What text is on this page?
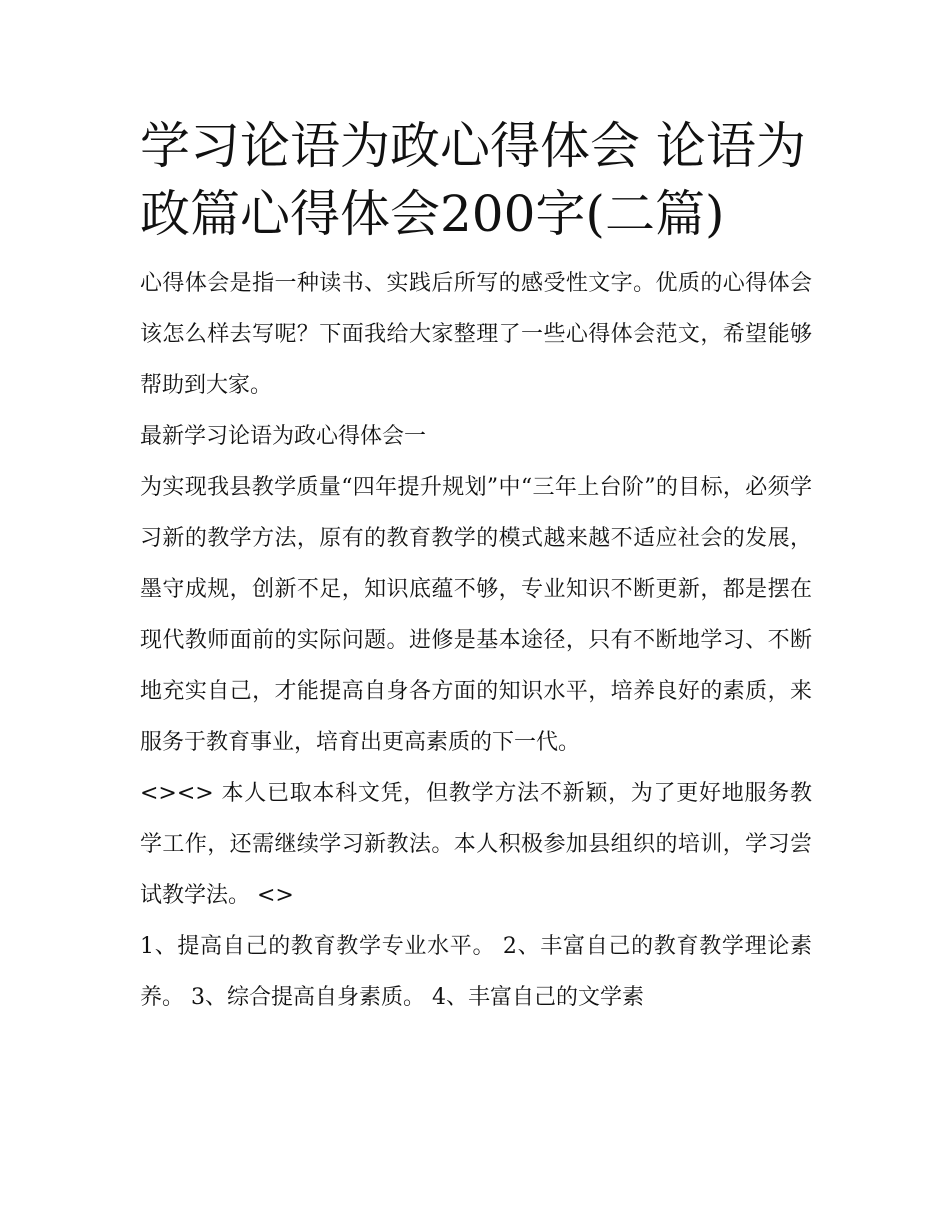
学习论语为政心得体会 论语为政篇心得体会200字(二篇)

心得体会是指一种读书、实践后所写的感受性文字。优质的心得体会该怎么样去写呢？下面我给大家整理了一些心得体会范文，希望能够帮助到大家。

最新学习论语为政心得体会一

为实现我县教学质量“四年提升规划”中“三年上台阶”的目标，必须学习新的教学方法，原有的教育教学的模式越来越不适应社会的发展，墨守成规，创新不足，知识底蕴不够，专业知识不断更新，都是摆在现代教师面前的实际问题。进修是基本途径，只有不断地学习、不断地充实自己，才能提高自身各方面的知识水平，培养良好的素质，来服务于教育事业，培育出更高素质的下一代。

<><> 本人已取本科文凭，但教学方法不新颖，为了更好地服务教学工作，还需继续学习新教法。本人积极参加县组织的培训，学习尝试教学法。 <>

1、提高自己的教育教学专业水平。 2、丰富自己的教育教学理论素养。 3、综合提高自身素质。 4、丰富自己的文学素
